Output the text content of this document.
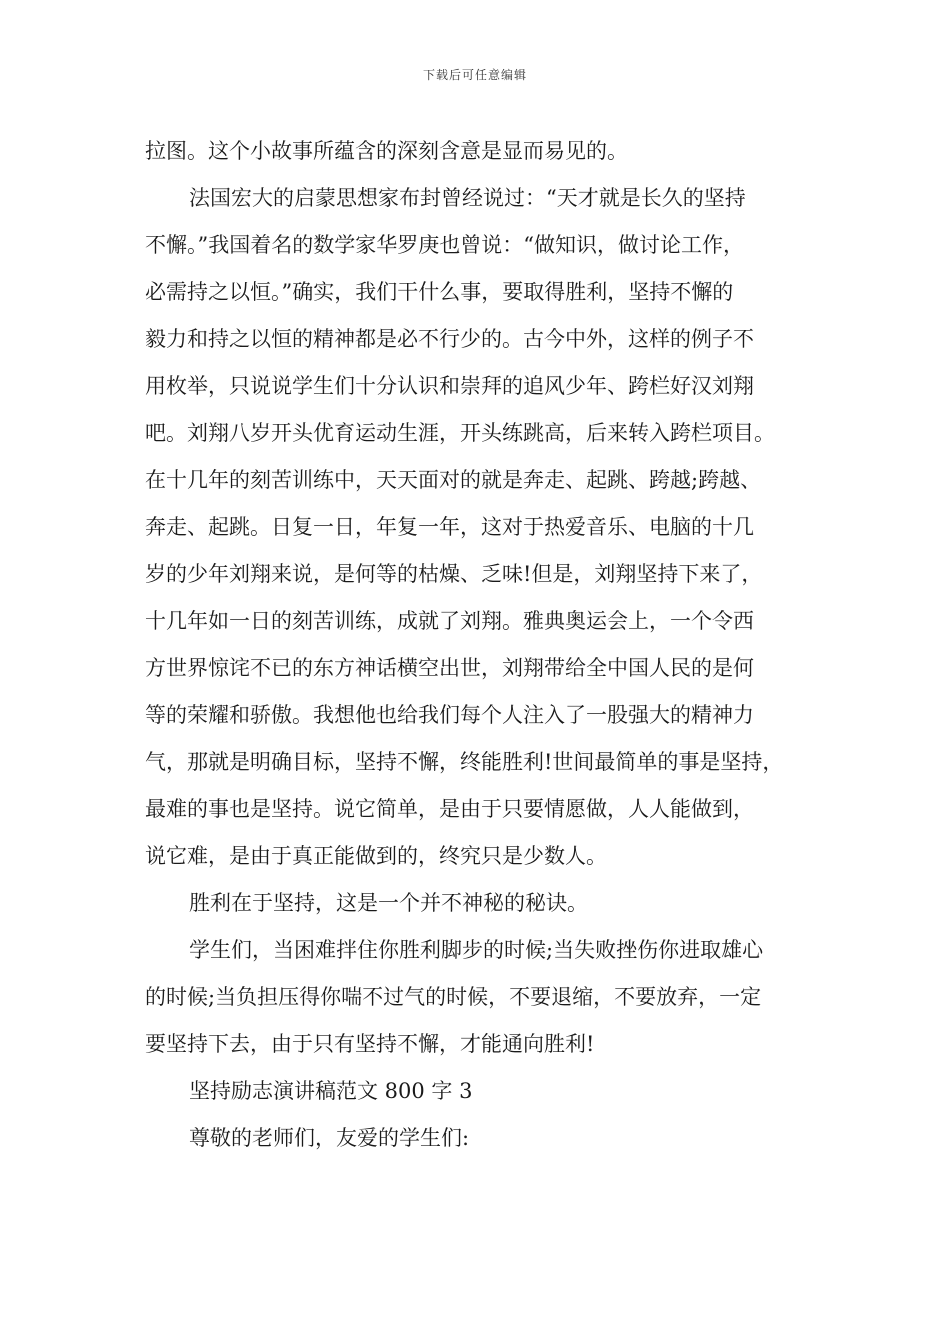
下载后可任意编辑
拉图。这个小故事所蕴含的深刻含意是显而易见的。
法国宏大的启蒙思想家布封曾经说过：“天才就是长久的坚持
不懈。”我国着名的数学家华罗庚也曾说：“做知识，做讨论工作，
必需持之以恒。”确实，我们干什么事，要取得胜利，坚持不懈的
毅力和持之以恒的精神都是必不行少的。古今中外，这样的例子不
用枚举，只说说学生们十分认识和崇拜的追风少年、跨栏好汉刘翔
吧。刘翔八岁开头优育运动生涯，开头练跳高，后来转入跨栏项目。
在十几年的刻苦训练中，天天面对的就是奔走、起跳、跨越;跨越、
奔走、起跳。日复一日，年复一年，这对于热爱音乐、电脑的十几
岁的少年刘翔来说，是何等的枯燥、乏味!但是，刘翔坚持下来了，
十几年如一日的刻苦训练，成就了刘翔。雅典奥运会上，一个令西
方世界惊诧不已的东方神话横空出世，刘翔带给全中国人民的是何
等的荣耀和骄傲。我想他也给我们每个人注入了一股强大的精神力
气，那就是明确目标，坚持不懈，终能胜利!世间最简单的事是坚持，
最难的事也是坚持。说它简单，是由于只要情愿做，人人能做到，
说它难，是由于真正能做到的，终究只是少数人。
胜利在于坚持，这是一个并不神秘的秘诀。
学生们，当困难拌住你胜利脚步的时候;当失败挫伤你进取雄心
的时候;当负担压得你喘不过气的时候，不要退缩，不要放弃，一定
要坚持下去，由于只有坚持不懈，才能通向胜利!
坚持励志演讲稿范文 800 字 3
尊敬的老师们，友爱的学生们:
